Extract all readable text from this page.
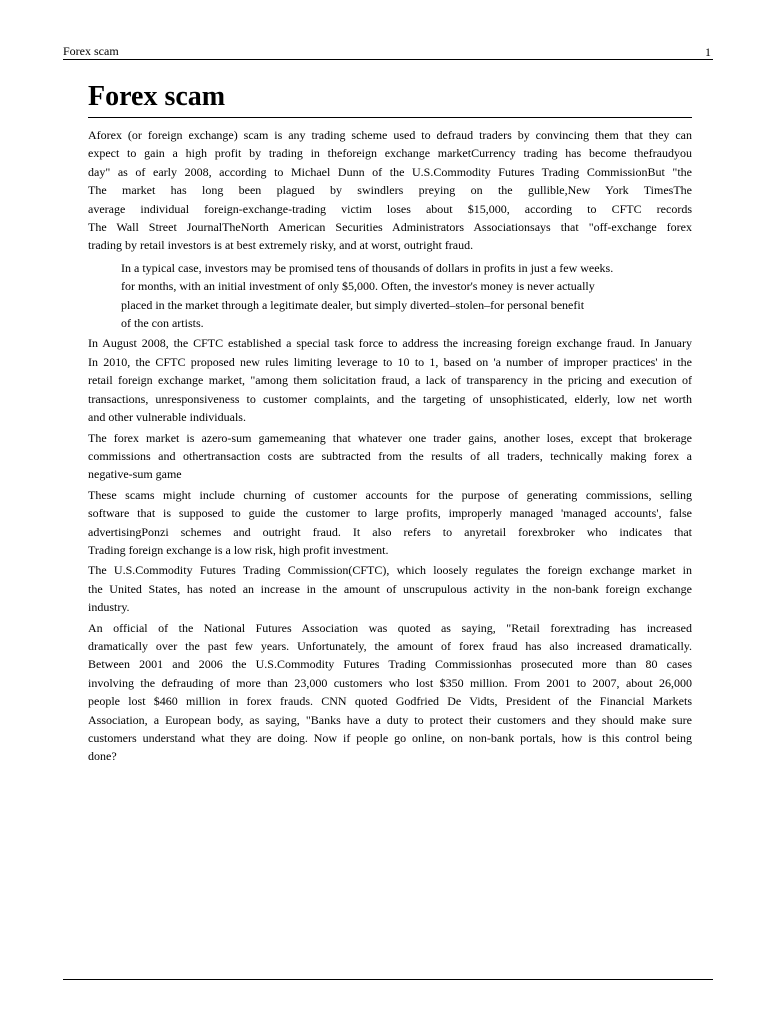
Forex scam	1
Forex scam

Aforex (or foreign exchange) scam is any trading scheme used to defraud traders by convincing them that they can
expect to gain a high profit by trading in theforeign exchange marketCurrency trading has become thefraudyou
day" as of early 2008, according to Michael Dunn of the U.S.Commodity Futures Trading CommissionBut "the
The market has long been plagued by swindlers preying on the gullible,New York TimesThe
average individual foreign-exchange-trading victim loses about $15,000, according to CFTC records
The Wall Street JournalTheNorth American Securities Administrators Associationsays that "off-exchange forex
trading by retail investors is at best extremely risky, and at worst, outright fraud.

In a typical case, investors may be promised tens of thousands of dollars in profits in just a few weeks.
for months, with an initial investment of only $5,000. Often, the investor's money is never actually
placed in the market through a legitimate dealer, but simply diverted–stolen–for personal benefit
of the con artists.

In August 2008, the CFTC established a special task force to address the increasing foreign exchange fraud. In January
In 2010, the CFTC proposed new rules limiting leverage to 10 to 1, based on 'a number of improper practices' in the
retail foreign exchange market, "among them solicitation fraud, a lack of transparency in the pricing and execution of
transactions, unresponsiveness to customer complaints, and the targeting of unsophisticated, elderly, low net worth
and other vulnerable individuals.

The forex market is azero-sum gamemeaning that whatever one trader gains, another loses, except that brokerage
commissions and othertransaction costs are subtracted from the results of all traders, technically making forex a
negative-sum game

These scams might include churning of customer accounts for the purpose of generating commissions, selling
software that is supposed to guide the customer to large profits, improperly managed 'managed accounts', false
advertisingPonzi schemes and outright fraud. It also refers to anyretail forexbroker who indicates that
Trading foreign exchange is a low risk, high profit investment.

The U.S.Commodity Futures Trading Commission(CFTC), which loosely regulates the foreign exchange market in
the United States, has noted an increase in the amount of unscrupulous activity in the non-bank foreign exchange
industry.

An official of the National Futures Association was quoted as saying, "Retail forextrading has increased
dramatically over the past few years. Unfortunately, the amount of forex fraud has also increased dramatically.
Between 2001 and 2006 the U.S.Commodity Futures Trading Commissionhas prosecuted more than 80 cases
involving the defrauding of more than 23,000 customers who lost $350 million. From 2001 to 2007, about 26,000
people lost $460 million in forex frauds. CNN quoted Godfried De Vidts, President of the Financial Markets
Association, a European body, as saying, "Banks have a duty to protect their customers and they should make sure
customers understand what they are doing. Now if people go online, on non-bank portals, how is this control being
done?
